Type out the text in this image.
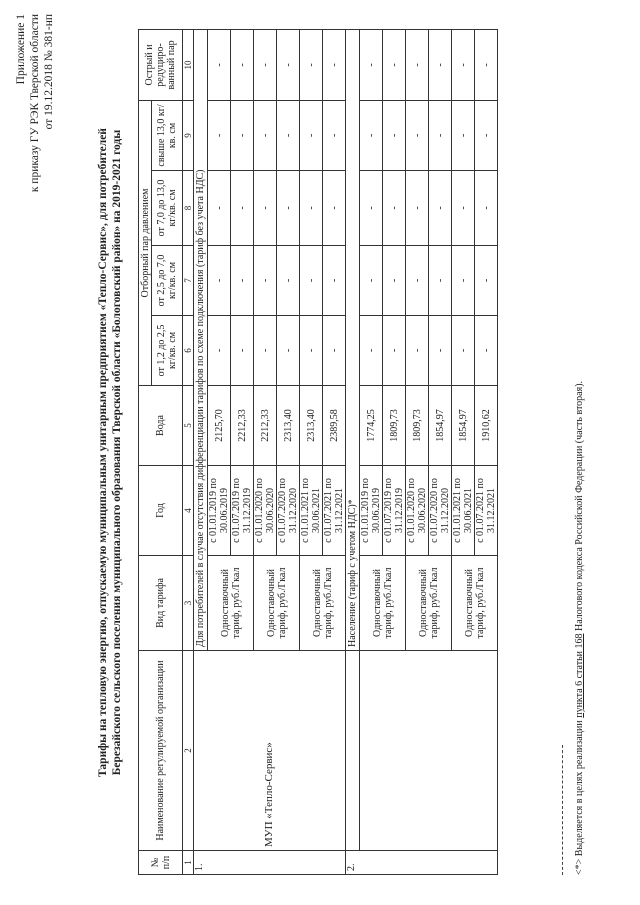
Приложение 1 к приказу ГУ РЭК Тверской области от 19.12.2018 № 381-нп
Тарифы на тепловую энергию, отпускаемую муниципальным унитарным предприятием «Тепло-Сервис», для потребителей Березайского сельского поселения муниципального образования Тверской области «Бологовский район» на 2019-2021 годы
№ п/п	Наименование регулируемой организации	Вид тарифа	Год	Вода	Отборный пар давлением				Острый и редуциро-ванный пар
					от 1,2 до 2,5 кг/кв. см	от 2,5 до 7,0 кг/кв. см	от 7,0 до 13,0 кг/кв. см	свыше 13,0 кг/кв. см	
1	2	3	4	5	6	7	8	9	10
1.	МУП «Тепло-Сервис»	Для потребителей в случае отсутствия дифференциации тарифов по схеме подключения (тариф без учета НДС)							
		Одноставочный тариф, руб./Гкал	с 01.01.2019 по 30.06.2019	2125,70	-	-	-	-	-
			с 01.07.2019 по 31.12.2019	2212,33	-	-	-	-	-
		Одноставочный тариф, руб./Гкал	с 01.01.2020 по 30.06.2020	2212,33	-	-	-	-	-
			с 01.07.2020 по 31.12.2020	2313,40	-	-	-	-	-
		Одноставочный тариф, руб./Гкал	с 01.01.2021 по 30.06.2021	2313,40	-	-	-	-	-
			с 01.07.2021 по 31.12.2021	2389,58	-	-	-	-	-
2.		Население (тариф с учетом НДС)*							
		Одноставочный тариф, руб./Гкал	с 01.01.2019 по 30.06.2019	1774,25	-	-	-	-	-
			с 01.07.2019 по 31.12.2019	1809,73	-	-	-	-	-
		Одноставочный тариф, руб./Гкал	с 01.01.2020 по 30.06.2020	1809,73	-	-	-	-	-
			с 01.07.2020 по 31.12.2020	1854,97	-	-	-	-	-
		Одноставочный тариф, руб./Гкал	с 01.01.2021 по 30.06.2021	1854,97	-	-	-	-	-
			с 01.07.2021 по 31.12.2021	1910,62	-	-	-	-	-
<*> Выделяется в целях реализации пункта 6 статьи 168 Налогового кодекса Российской Федерации (часть вторая).
